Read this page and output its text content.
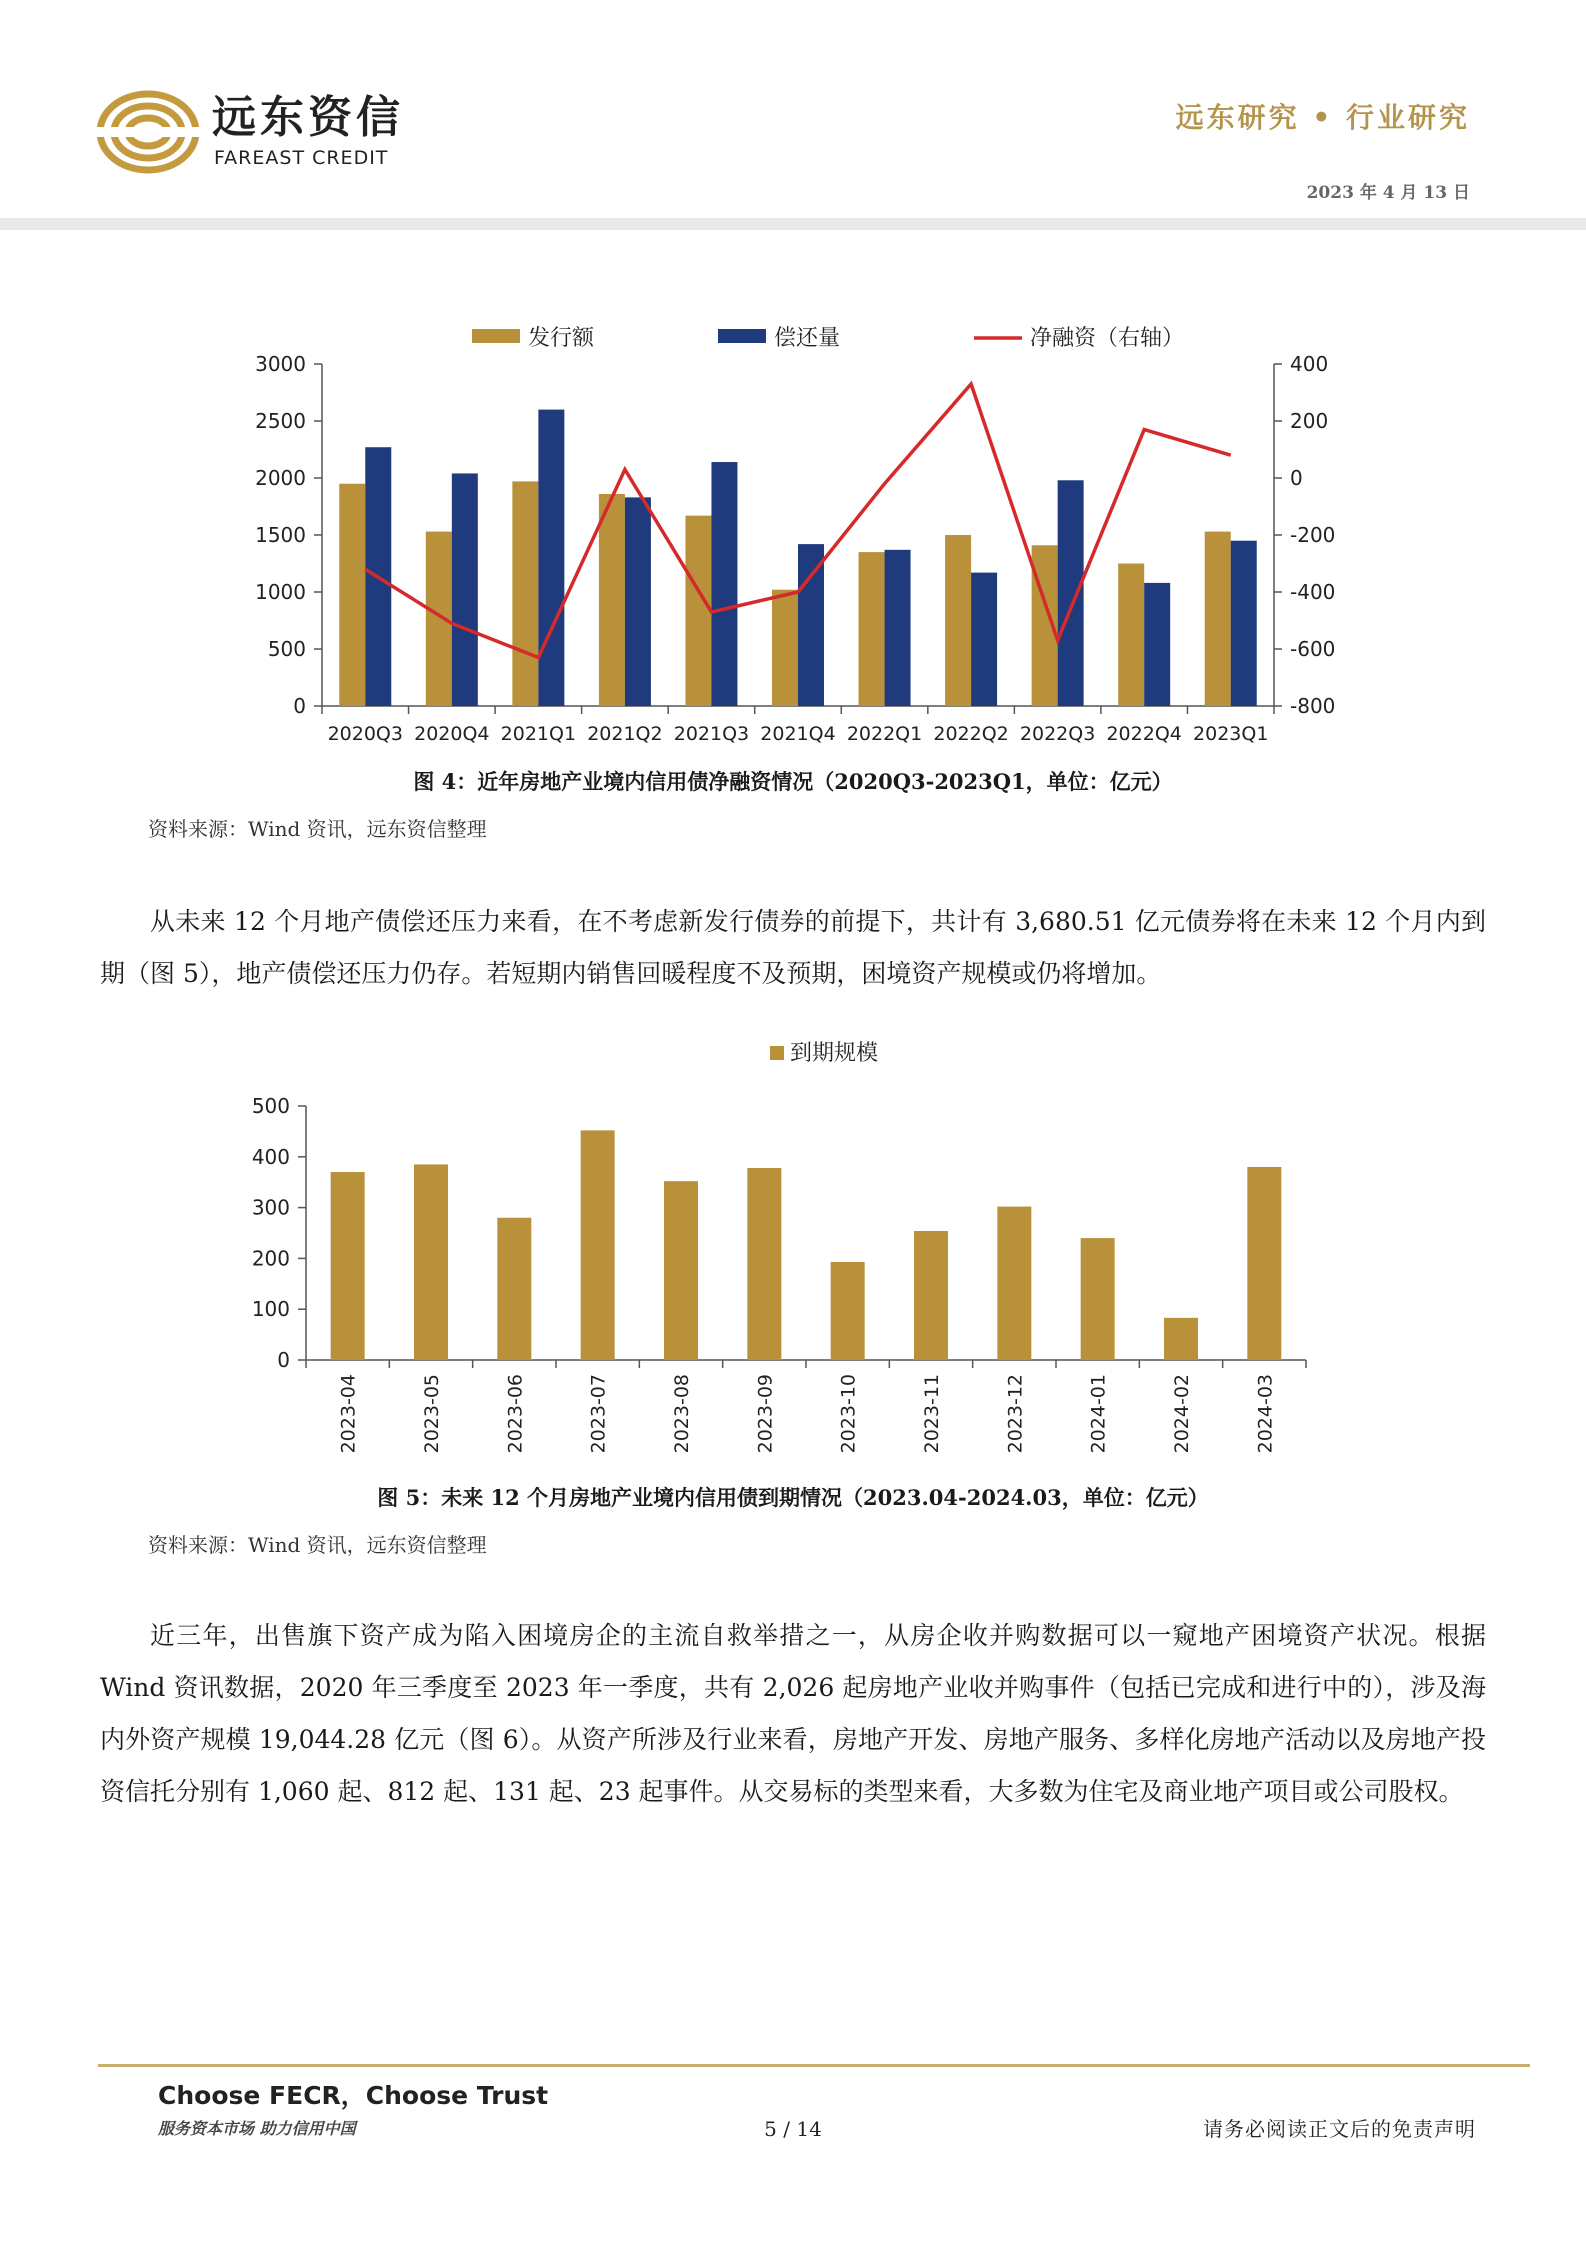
远东资信
FAREAST CREDIT
远东研究 • 行业研究
2023 年 4 月 13 日
0
500
1000
1500
2000
2500
3000
-800
-600
-400
-200
0
200
400
2020Q3 2020Q4 2021Q1 2021Q2 2021Q3 2021Q4 2022Q1 2022Q2 2022Q3 2022Q4 2023Q1
发行额	偿还量	净融资（右轴）
图 4：近年房地产业境内信用债净融资情况（2020Q3-2023Q1，单位：亿元）
资料来源：Wind 资讯，远东资信整理
从未来 12 个月地产债偿还压力来看，在不考虑新发行债券的前提下，共计有 3,680.51 亿元债券将在未来 12 个月内到期（图 5），地产债偿还压力仍存。若短期内销售回暖程度不及预期，困境资产规模或仍将增加。
0
100
200
300
400
500
2023-04	2023-05	2023-06	2023-07	2023-08	2023-09	2023-10	2023-11	2023-12	2024-01	2024-02	2024-03
到期规模
图 5：未来 12 个月房地产业境内信用债到期情况（2023.04-2024.03，单位：亿元）
资料来源：Wind 资讯，远东资信整理
近三年，出售旗下资产成为陷入困境房企的主流自救举措之一，从房企收并购数据可以一窥地产困境资产状况。根据 Wind 资讯数据，2020 年三季度至 2023 年一季度，共有 2,026 起房地产业收并购事件（包括已完成和进行中的），涉及海内外资产规模 19,044.28 亿元（图 6）。从资产所涉及行业来看，房地产开发、房地产服务、多样化房地产活动以及房地产投资信托分别有 1,060 起、812 起、131 起、23 起事件。从交易标的类型来看，大多数为住宅及商业地产项目或公司股权。
Choose FECR，Choose Trust
服务资本市场 助力信用中国	5 / 14	请务必阅读正文后的免责声明
